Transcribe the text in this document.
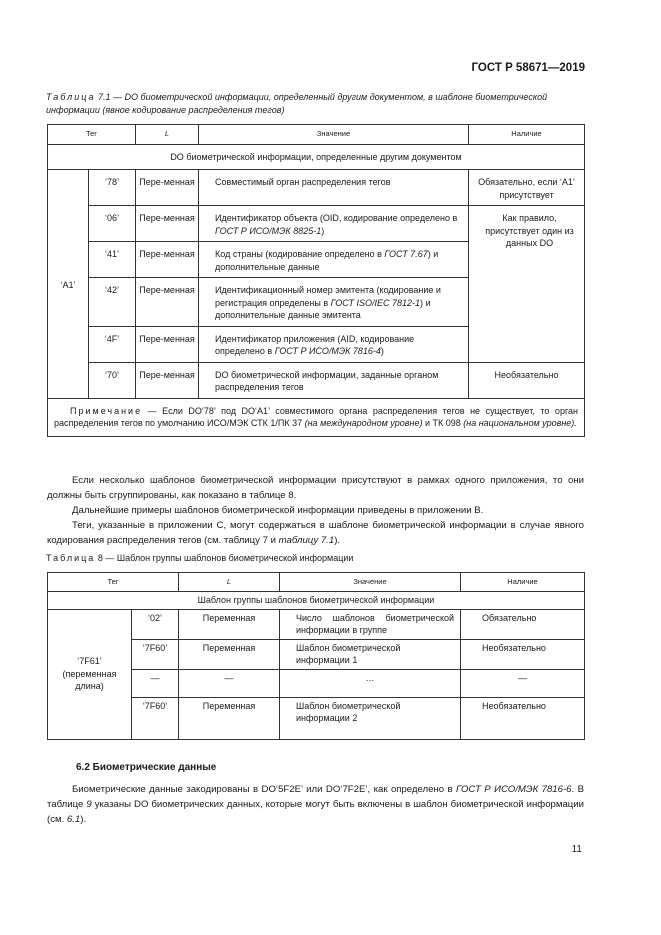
ГОСТ Р 58671—2019
Таблица 7.1 — DO биометрической информации, определенный другим документом, в шаблоне биометрической информации (явное кодирование распределения тегов)
Тег		L	Значение	Наличие
DO биометрической информации, определенные другим документом				
‘A1’	‘78’	Пере-менная	Совместимый орган распределения тегов	Обязательно, если ‘A1’ присутствует
	‘06’	Пере-менная	Идентификатор объекта (OID, кодирование определено в ГОСТ Р ИСО/МЭК 8825-1)	Как правило, присутствует один из данных DO
	‘41’	Пере-менная	Код страны (кодирование определено в ГОСТ 7.67) и дополнительные данные	
	‘42’	Пере-менная	Идентификационный номер эмитента (кодирование и регистрация определены в ГОСТ ISO/IEC 7812-1) и дополнительные данные эмитента	
	‘4F’	Пере-менная	Идентификатор приложения (AID, кодирование определено в ГОСТ Р ИСО/МЭК 7816-4)	
	‘70’	Пере-менная	DO биометрической информации, заданные органом распределения тегов	Необязательно
Примечание — Если DO‘78’ под DO‘A1’ совместимого органа распределения тегов не существует, то орган распределения тегов по умолчанию ИСО/МЭК СТК 1/ПК 37 (на международном уровне) и ТК 098 (на национальном уровне).				
Если несколько шаблонов биометрической информации присутствуют в рамках одного приложения, то они должны быть сгруппированы, как показано в таблице 8.
Дальнейшие примеры шаблонов биометрической информации приведены в приложении В.
Теги, указанные в приложении С, могут содержаться в шаблоне биометрической информации в случае явного кодирования распределения тегов (см. таблицу 7 и таблицу 7.1).
Таблица 8 — Шаблон группы шаблонов биометрической информации
Тег		L	Значение	Наличие
Шаблон группы шаблонов биометрической информации				
‘7F61’ (переменная длина)	‘02’	Переменная	Число шаблонов биометрической информации в группе	Обязательно
	‘7F60’	Переменная	Шаблон биометрической информации 1	Необязательно
	—	—	…	—
	‘7F60’	Переменная	Шаблон биометрической информации 2	Необязательно
6.2 Биометрические данные
Биометрические данные закодированы в DO‘5F2E’ или DO‘7F2E’, как определено в ГОСТ Р ИСО/МЭК 7816-6. В таблице 9 указаны DO биометрических данных, которые могут быть включены в шаблон биометрической информации (см. 6.1).
11
